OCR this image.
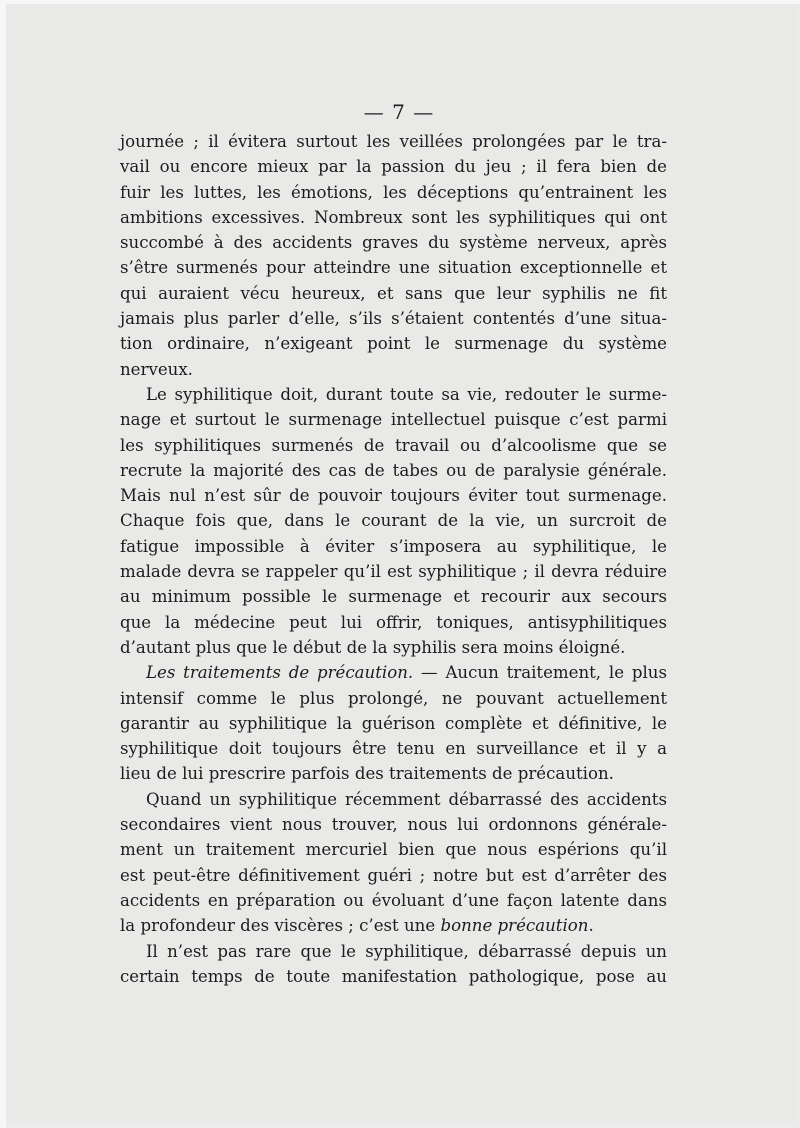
— 7 —
journée ; il évitera surtout les veillées prolongées par le tra-
vail ou encore mieux par la passion du jeu ; il fera bien de
fuir les luttes, les émotions, les déceptions qu’entrainent les
ambitions excessives. Nombreux sont les syphilitiques qui ont
succombé à des accidents graves du système nerveux, après
s’être surmenés pour atteindre une situation exceptionnelle et
qui auraient vécu heureux, et sans que leur syphilis ne fit
jamais plus parler d’elle, s’ils s’étaient contentés d’une situa-
tion ordinaire, n’exigeant point le surmenage du système
nerveux.
Le syphilitique doit, durant toute sa vie, redouter le surme-
nage et surtout le surmenage intellectuel puisque c’est parmi
les syphilitiques surmenés de travail ou d’alcoolisme que se
recrute la majorité des cas de tabes ou de paralysie générale.
Mais nul n’est sûr de pouvoir toujours éviter tout surmenage.
Chaque fois que, dans le courant de la vie, un surcroit de
fatigue impossible à éviter s’imposera au syphilitique, le
malade devra se rappeler qu’il est syphilitique ; il devra réduire
au minimum possible le surmenage et recourir aux secours
que la médecine peut lui offrir, toniques, antisyphilitiques
d’autant plus que le début de la syphilis sera moins éloigné.
Les traitements de précaution. — Aucun traitement, le plus
intensif comme le plus prolongé, ne pouvant actuellement
garantir au syphilitique la guérison complète et définitive, le
syphilitique doit toujours être tenu en surveillance et il y a
lieu de lui prescrire parfois des traitements de précaution.
Quand un syphilitique récemment débarrassé des accidents
secondaires vient nous trouver, nous lui ordonnons générale-
ment un traitement mercuriel bien que nous espérions qu’il
est peut-être définitivement guéri ; notre but est d’arrêter des
accidents en préparation ou évoluant d’une façon latente dans
la profondeur des viscères ; c’est une bonne précaution.
Il n’est pas rare que le syphilitique, débarrassé depuis un
certain temps de toute manifestation pathologique, pose au
